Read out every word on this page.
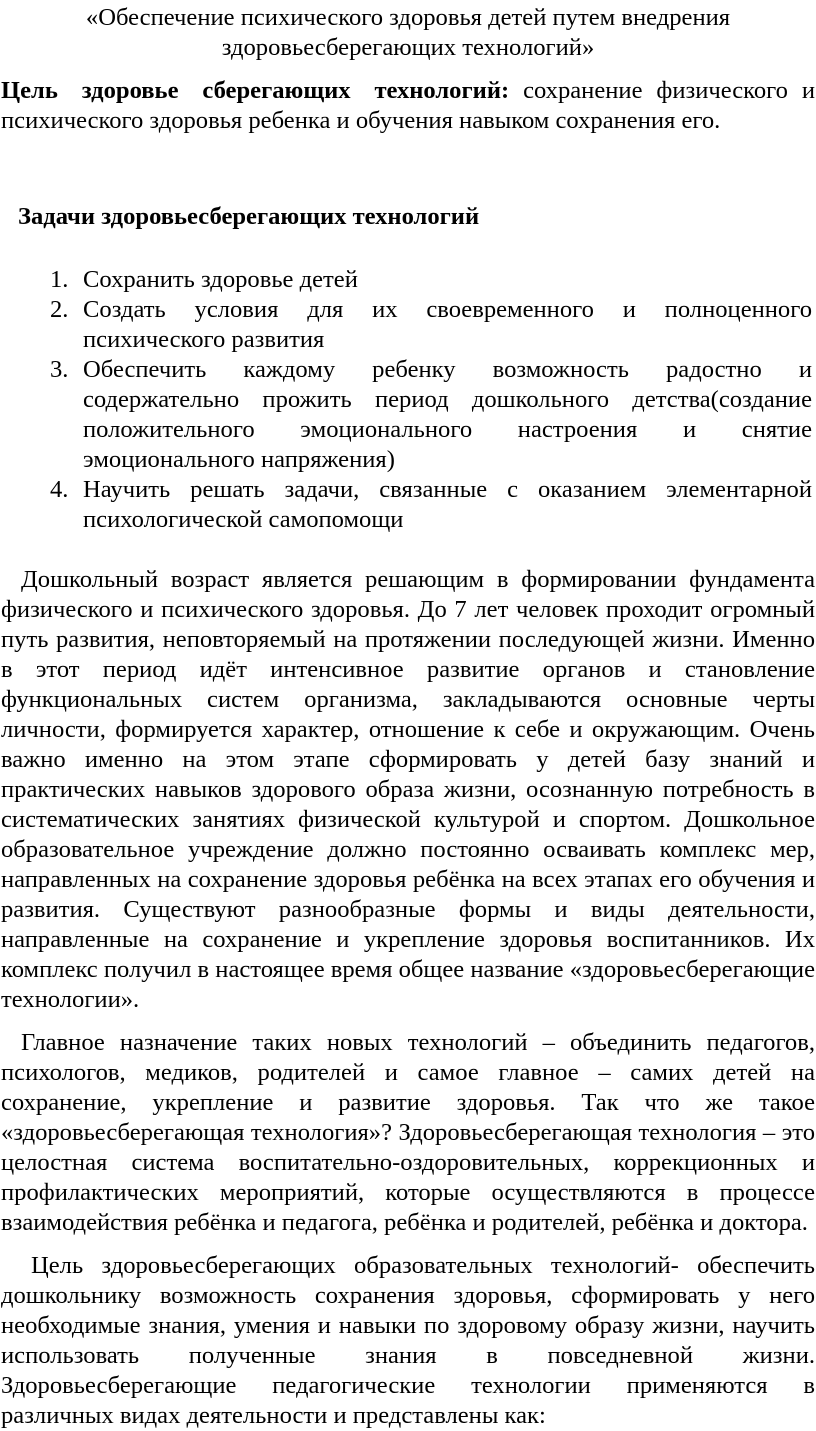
«Обеспечение психического здоровья детей путем внедрения
здоровьесберегающих технологий»

Цель здоровье сберегающих технологий: сохранение физического и психического здоровья ребенка и обучения навыком сохранения его.

Задачи здоровьесберегающих технологий
1. Сохранить здоровье детей
2. Создать условия для их своевременного и полноценного психического развития
3. Обеспечить каждому ребенку возможность радостно и содержательно прожить период дошкольного детства(создание положительного эмоционального настроения и снятие эмоционального напряжения)
4. Научить решать задачи, связанные с оказанием элементарной психологической самопомощи

Дошкольный возраст является решающим в формировании фундамента физического и психического здоровья. До 7 лет человек проходит огромный путь развития, неповторяемый на протяжении последующей жизни. Именно в этот период идёт интенсивное развитие органов и становление функциональных систем организма, закладываются основные черты личности, формируется характер, отношение к себе и окружающим. Очень важно именно на этом этапе сформировать у детей базу знаний и практических навыков здорового образа жизни, осознанную потребность в систематических занятиях физической культурой и спортом. Дошкольное образовательное учреждение должно постоянно осваивать комплекс мер, направленных на сохранение здоровья ребёнка на всех этапах его обучения и развития. Существуют разнообразные формы и виды деятельности, направленные на сохранение и укрепление здоровья воспитанников. Их комплекс получил в настоящее время общее название «здоровьесберегающие технологии».

Главное назначение таких новых технологий – объединить педагогов, психологов, медиков, родителей и самое главное – самих детей на сохранение, укрепление и развитие здоровья. Так что же такое «здоровьесберегающая технология»? Здоровьесберегающая технология – это целостная система воспитательно-оздоровительных, коррекционных и профилактических мероприятий, которые осуществляются в процессе взаимодействия ребёнка и педагога, ребёнка и родителей, ребёнка и доктора.

Цель здоровьесберегающих образовательных технологий- обеспечить дошкольнику возможность сохранения здоровья, сформировать у него необходимые знания, умения и навыки по здоровому образу жизни, научить использовать полученные знания в повседневной жизни. Здоровьесберегающие педагогические технологии применяются в различных видах деятельности и представлены как:
